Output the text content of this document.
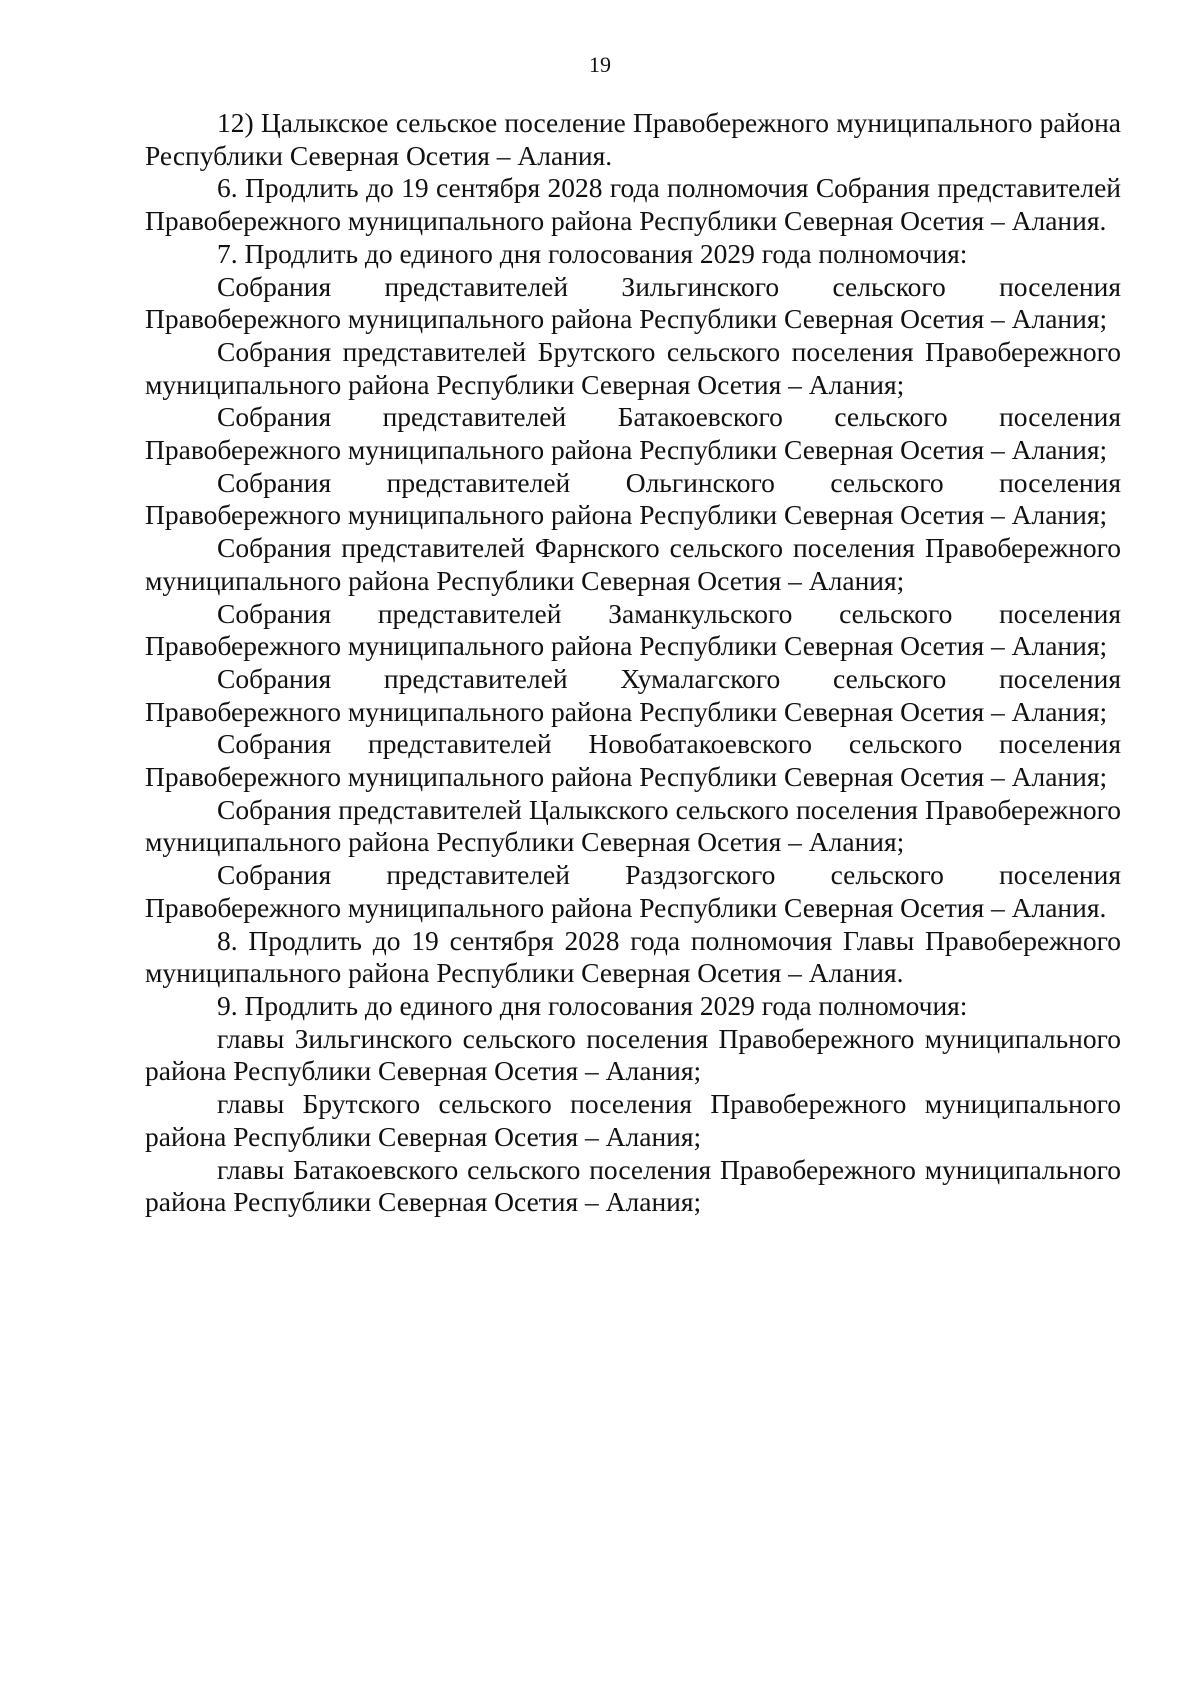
19

12) Цалыкское сельское поселение Правобережного муниципального района Республики Северная Осетия – Алания.

6. Продлить до 19 сентября 2028 года полномочия Собрания представителей Правобережного муниципального района Республики Северная Осетия – Алания.

7. Продлить до единого дня голосования 2029 года полномочия:

Собрания представителей Зильгинского сельского поселения Правобережного муниципального района Республики Северная Осетия – Алания;

Собрания представителей Брутского сельского поселения Правобережного муниципального района Республики Северная Осетия – Алания;

Собрания представителей Батакоевского сельского поселения Правобережного муниципального района Республики Северная Осетия – Алания;

Собрания представителей Ольгинского сельского поселения Правобережного муниципального района Республики Северная Осетия – Алания;

Собрания представителей Фарнского сельского поселения Правобережного муниципального района Республики Северная Осетия – Алания;

Собрания представителей Заманкульского сельского поселения Правобережного муниципального района Республики Северная Осетия – Алания;

Собрания представителей Хумалагского сельского поселения Правобережного муниципального района Республики Северная Осетия – Алания;

Собрания представителей Новобатакоевского сельского поселения Правобережного муниципального района Республики Северная Осетия – Алания;

Собрания представителей Цалыкского сельского поселения Правобережного муниципального района Республики Северная Осетия – Алания;

Собрания представителей Раздзогского сельского поселения Правобережного муниципального района Республики Северная Осетия – Алания.

8. Продлить до 19 сентября 2028 года полномочия Главы Правобережного муниципального района Республики Северная Осетия – Алания.

9. Продлить до единого дня голосования 2029 года полномочия:

главы Зильгинского сельского поселения Правобережного муниципального района Республики Северная Осетия – Алания;

главы Брутского сельского поселения Правобережного муниципального района Республики Северная Осетия – Алания;

главы Батакоевского сельского поселения Правобережного муниципального района Республики Северная Осетия – Алания;
